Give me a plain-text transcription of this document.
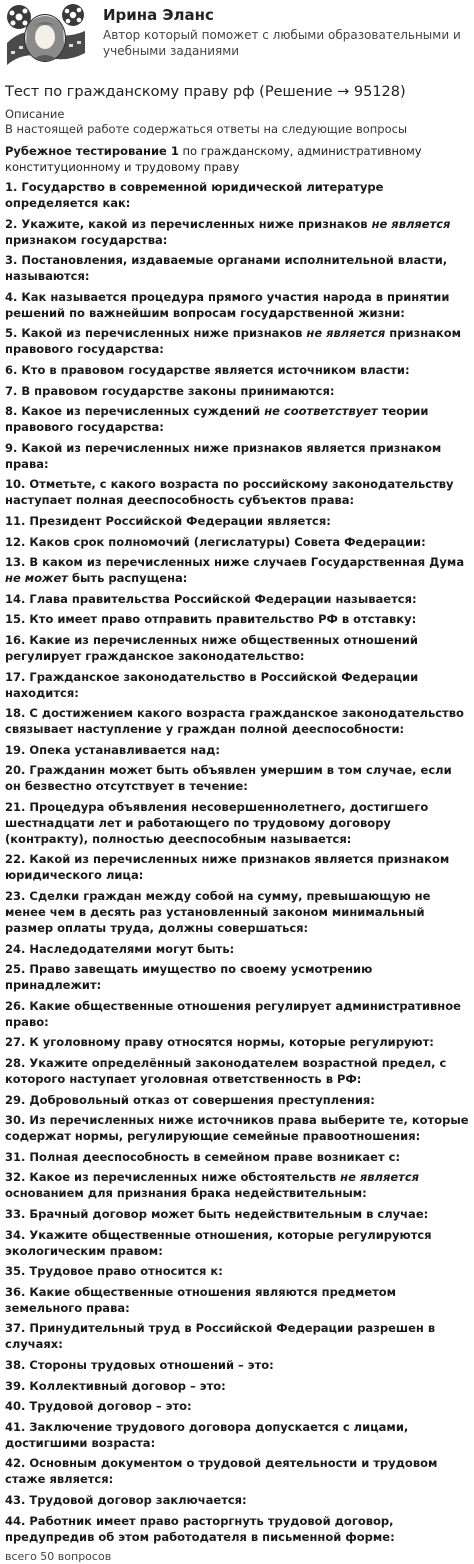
Ирина Эланс
Автор который поможет с любыми образовательными и учебными заданиями
Тест по гражданскому праву рф (Решение → 95128)
Описание
В настоящей работе содержаться ответы на следующие вопросы
Рубежное тестирование 1 по гражданскому, административному конституционному и трудовому праву
1. Государство в современной юридической литературе определяется как:
2. Укажите, какой из перечисленных ниже признаков не является признаком государства:
3. Постановления, издаваемые органами исполнительной власти, называются:
4. Как называется процедура прямого участия народа в принятии решений по важнейшим вопросам государственной жизни:
5. Какой из перечисленных ниже признаков не является признаком правового государства:
6. Кто в правовом государстве является источником власти:
7. В правовом государстве законы принимаются:
8. Какое из перечисленных суждений не соответствует теории правового государства:
9. Какой из перечисленных ниже признаков является признаком права:
10. Отметьте, с какого возраста по российскому законодательству наступает полная дееспособность субъектов права:
11. Президент Российской Федерации является:
12. Каков срок полномочий (легислатуры) Совета Федерации:
13. В каком из перечисленных ниже случаев Государственная Дума не может быть распущена:
14. Глава правительства Российской Федерации называется:
15. Кто имеет право отправить правительство РФ в отставку:
16. Какие из перечисленных ниже общественных отношений регулирует гражданское законодательство:
17. Гражданское законодательство в Российской Федерации находится:
18. С достижением какого возраста гражданское законодательство связывает наступление у граждан полной дееспособности:
19. Опека устанавливается над:
20. Гражданин может быть объявлен умершим в том случае, если он безвестно отсутствует в течение:
21. Процедура объявления несовершеннолетнего, достигшего шестнадцати лет и работающего по трудовому договору (контракту), полностью дееспособным называется:
22. Какой из перечисленных ниже признаков является признаком юридического лица:
23. Сделки граждан между собой на сумму, превышающую не менее чем в десять раз установленный законом минимальный размер оплаты труда, должны совершаться:
24. Наследодателями могут быть:
25. Право завещать имущество по своему усмотрению принадлежит:
26. Какие общественные отношения регулирует административное право:
27. К уголовному праву относятся нормы, которые регулируют:
28. Укажите определённый законодателем возрастной предел, с которого наступает уголовная ответственность в РФ:
29. Добровольный отказ от совершения преступления:
30. Из перечисленных ниже источников права выберите те, которые содержат нормы, регулирующие семейные правоотношения:
31. Полная дееспособность в семейном праве возникает с:
32. Какое из перечисленных ниже обстоятельств не является основанием для признания брака недействительным:
33. Брачный договор может быть недействительным в случае:
34. Укажите общественные отношения, которые регулируются экологическим правом:
35. Трудовое право относится к:
36. Какие общественные отношения являются предметом земельного права:
37. Принудительный труд в Российской Федерации разрешен в случаях:
38. Стороны трудовых отношений – это:
39. Коллективный договор – это:
40. Трудовой договор – это:
41. Заключение трудового договора допускается с лицами, достигшими возраста:
42. Основным документом о трудовой деятельности и трудовом стаже является:
43. Трудовой договор заключается:
44. Работник имеет право расторгнуть трудовой договор, предупредив об этом работодателя в письменной форме:
всего 50 вопросов
